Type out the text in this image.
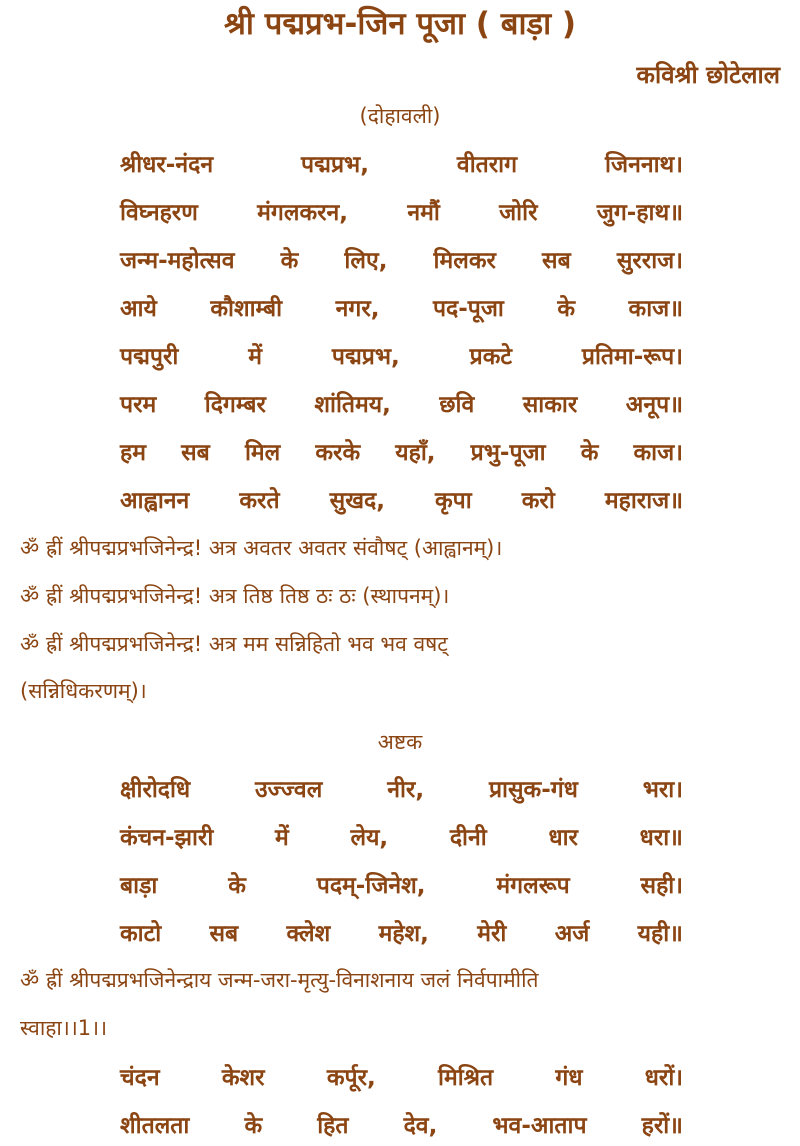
श्री पद्मप्रभ-जिन पूजा ( बाड़ा )
कविश्री छोटेलाल
(दोहावली)
श्रीधर-नंदन	पद्मप्रभ,	वीतराग	जिननाथ।
विघ्नहरण	मंगलकरन,	नमौं	जोरि	जुग-हाथ॥
जन्म-महोत्सव के लिए, मिलकर सब सुरराज।
आये कौशाम्बी नगर, पद-पूजा के काज॥
पद्मपुरी	में	पद्मप्रभ,	प्रकटे	प्रतिमा-रूप।
परम दिगम्बर शांतिमय, छवि साकार अनूप॥
हम सब मिल करके यहाँ, प्रभु-पूजा के काज।
आह्वानन करते सुखद, कृपा करो महाराज॥
ॐ ह्रीं श्रीपद्मप्रभजिनेन्द्र! अत्र अवतर अवतर संवौषट् (आह्वानम्)।
ॐ ह्रीं श्रीपद्मप्रभजिनेन्द्र! अत्र तिष्ठ तिष्ठ ठः ठः (स्थापनम्)।
ॐ ह्रीं श्रीपद्मप्रभजिनेन्द्र! अत्र मम सन्निहितो भव भव वषट्
(सन्निधिकरणम्)।
अष्टक
क्षीरोदधि	उज्ज्वल	नीर,	प्रासुक-गंध	भरा।
कंचन-झारी	में	लेय,	दीनी	धार	धरा॥
बाड़ा	के	पदम्-जिनेश,	मंगलरूप	सही।
काटो सब क्लेश महेश, मेरी अर्ज यही॥
ॐ ह्रीं श्रीपद्मप्रभजिनेन्द्राय जन्म-जरा-मृत्यु-विनाशनाय जलं निर्वपामीति
स्वाहा।।1।।
चंदन	केशर	कर्पूर,	मिश्रित	गंध	धरों।
शीतलता के हित देव, भव-आताप हरों॥
